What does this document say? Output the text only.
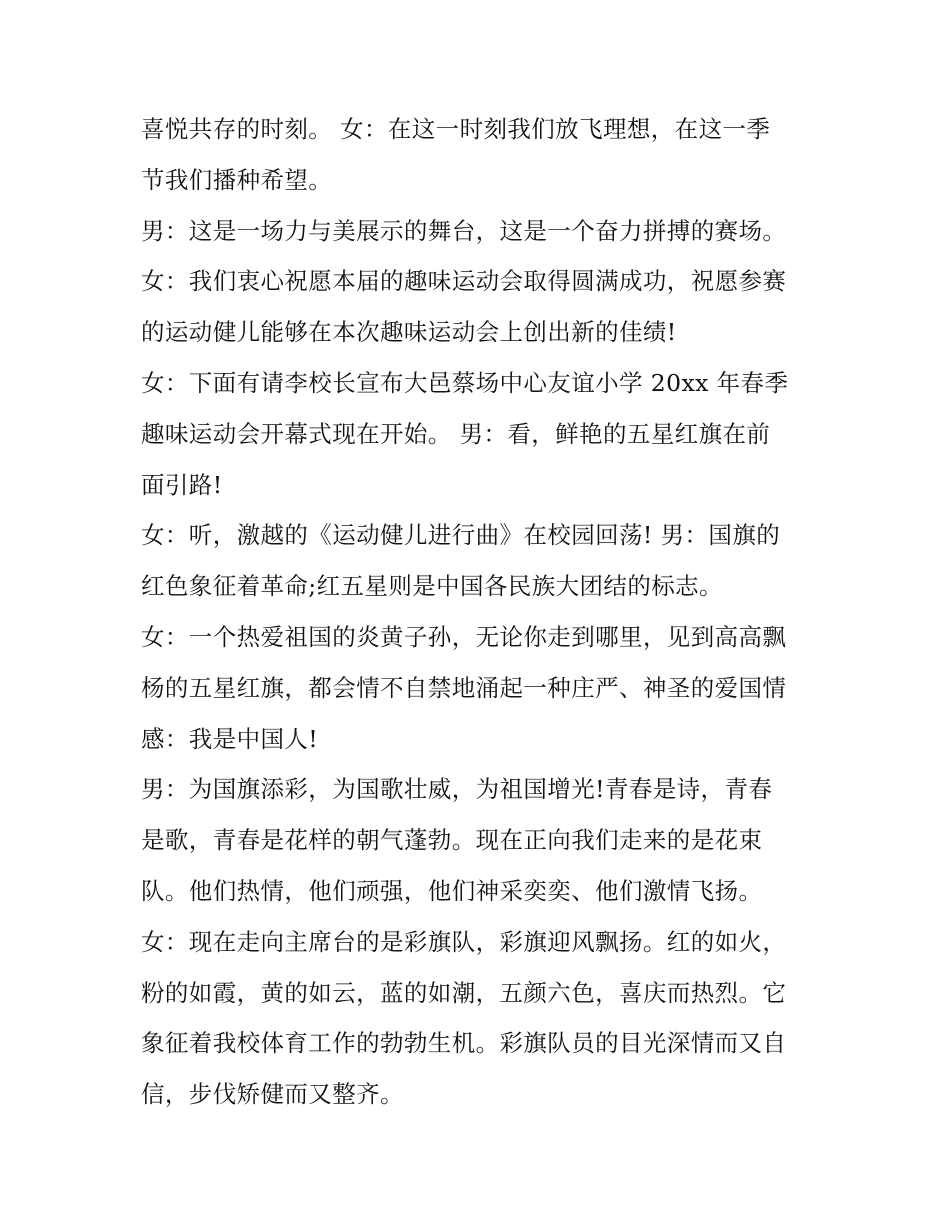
喜悦共存的时刻。 女：在这一时刻我们放飞理想，在这一季
节我们播种希望。
男：这是一场力与美展示的舞台，这是一个奋力拼搏的赛场。
女：我们衷心祝愿本届的趣味运动会取得圆满成功，祝愿参赛
的运动健儿能够在本次趣味运动会上创出新的佳绩!
女：下面有请李校长宣布大邑蔡场中心友谊小学 20xx 年春季
趣味运动会开幕式现在开始。 男：看，鲜艳的五星红旗在前
面引路!
女：听，激越的《运动健儿进行曲》在校园回荡! 男：国旗的
红色象征着革命;红五星则是中国各民族大团结的标志。
女：一个热爱祖国的炎黄子孙，无论你走到哪里，见到高高飘
杨的五星红旗，都会情不自禁地涌起一种庄严、神圣的爱国情
感：我是中国人!
男：为国旗添彩，为国歌壮威，为祖国增光!青春是诗，青春
是歌，青春是花样的朝气蓬勃。现在正向我们走来的是花束
队。他们热情，他们顽强，他们神采奕奕、他们激情飞扬。
女：现在走向主席台的是彩旗队，彩旗迎风飘扬。红的如火，
粉的如霞，黄的如云，蓝的如潮，五颜六色，喜庆而热烈。它
象征着我校体育工作的勃勃生机。彩旗队员的目光深情而又自
信，步伐矫健而又整齐。
